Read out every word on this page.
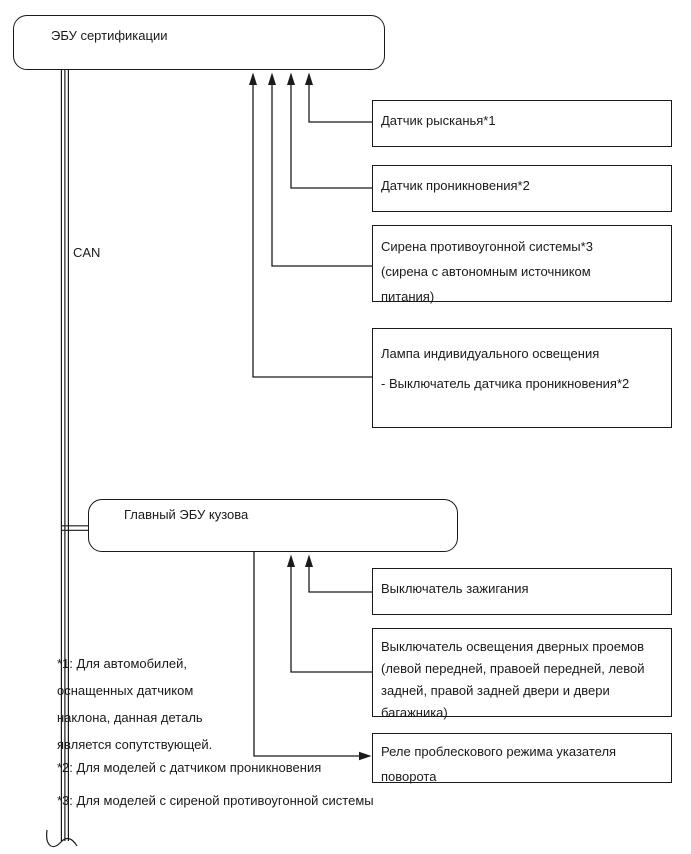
ЭБУ сертификации
CAN
Главный ЭБУ кузова
Датчик рысканья*1
Датчик проникновения*2
Сирена противоугонной системы*3
(сирена с автономным источником
питания)
Лампа индивидуального освещения
- Выключатель датчика проникновения*2
Выключатель зажигания
Выключатель освещения дверных проемов
(левой передней, правоей передней, левой
задней, правой задней двери и двери
багажника)
Реле проблескового режима указателя
поворота
*1: Для автомобилей,
оснащенных датчиком
наклона, данная деталь
является сопутствующей.
*2: Для моделей с датчиком проникновения
*3: Для моделей с сиреной противоугонной системы
